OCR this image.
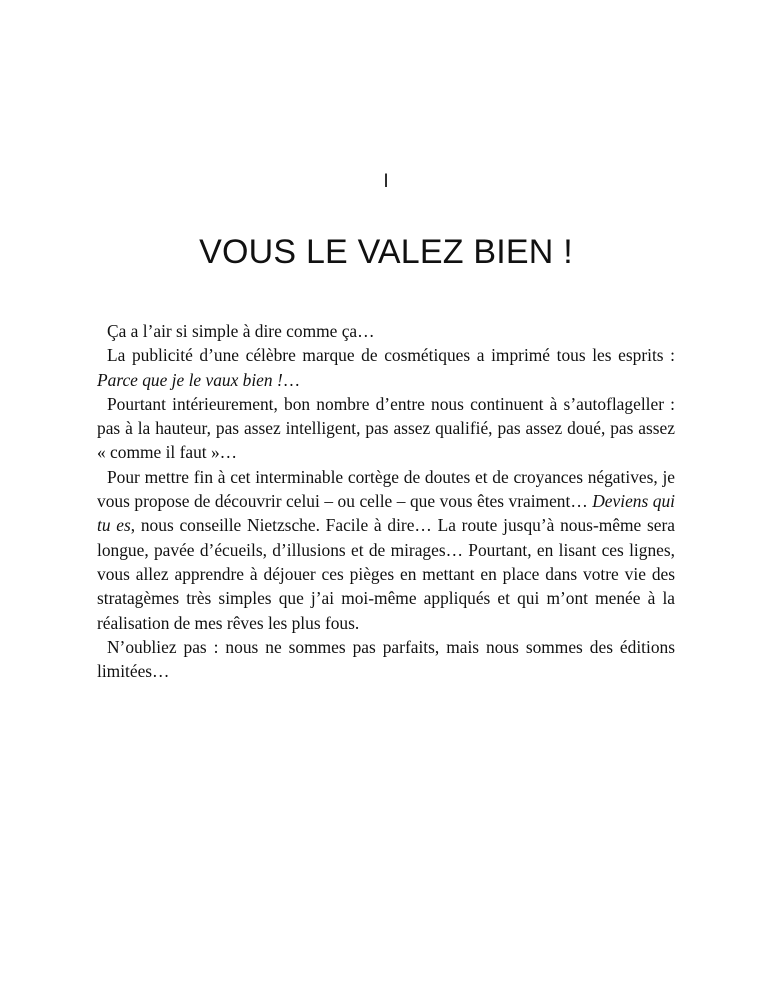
I
VOUS LE VALEZ BIEN !

Ça a l’air si simple à dire comme ça…

La publicité d’une célèbre marque de cosmétiques a imprimé tous les esprits : Parce que je le vaux bien !…

Pourtant intérieurement, bon nombre d’entre nous continuent à s’autoflageller : pas à la hauteur, pas assez intelligent, pas assez qualifié, pas assez doué, pas assez « comme il faut »…

Pour mettre fin à cet interminable cortège de doutes et de croyances négatives, je vous propose de découvrir celui – ou celle – que vous êtes vraiment… Deviens qui tu es, nous conseille Nietzsche. Facile à dire… La route jusqu’à nous-même sera longue, pavée d’écueils, d’illusions et de mirages… Pourtant, en lisant ces lignes, vous allez apprendre à déjouer ces pièges en mettant en place dans votre vie des stratagèmes très simples que j’ai moi-même appliqués et qui m’ont menée à la réalisation de mes rêves les plus fous.

N’oubliez pas : nous ne sommes pas parfaits, mais nous sommes des éditions limitées…
